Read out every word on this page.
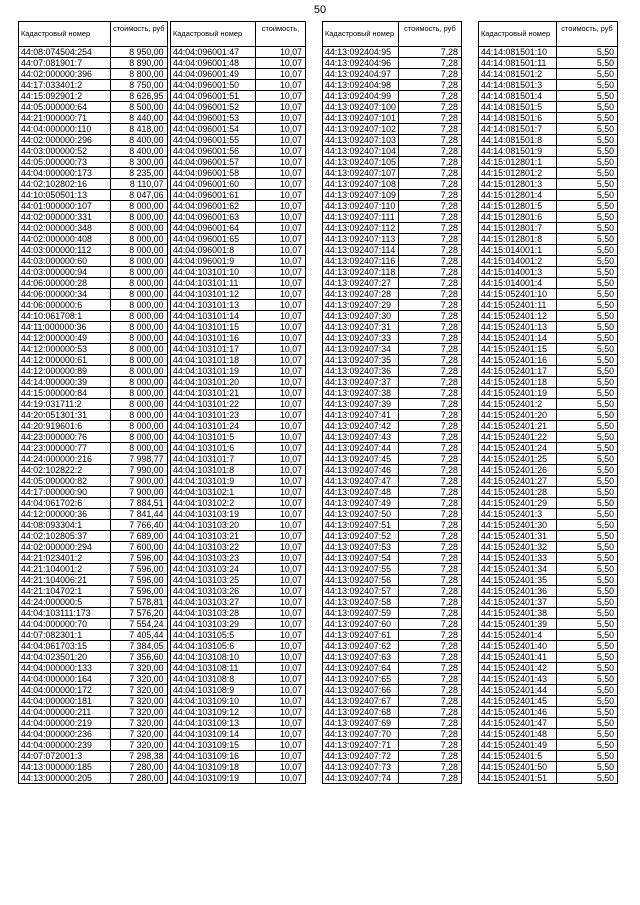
50
Кадастровый номер	стоимость, руб
44:08:074504:254	8 950,00
44:07:081901:7	8 890,00
44:02:000000:396	8 800,00
44:17:033401:2	8 750,00
44:15:092901:2	8 626,95
44:05:000000:64	8 500,00
44:21:000000:71	8 440,00
44:04:000000:110	8 418,00
44:02:000000:296	8 400,00
44:03:000000:52	8 400,00
44:05:000000:73	8 300,00
44:04:000000:173	8 235,00
44:02:102802:16	8 110,07
44:10:050501:13	8 047,06
44:01:000000:107	8 000,00
44:02:000000:331	8 000,00
44:02:000000:348	8 000,00
44:02:000000:408	8 000,00
44:03:000000:112	8 000,00
44:03:000000:60	8 000,00
44:03:000000:94	8 000,00
44:06:000000:28	8 000,00
44:06:000000:34	8 000,00
44:06:000000:6	8 000,00
44:10:061708:1	8 000,00
44:11:000000:36	8 000,00
44:12:000000:49	8 000,00
44:12:000000:53	8 000,00
44:12:000000:61	8 000,00
44:12:000000:89	8 000,00
44:14:000000:39	8 000,00
44:15:000000:84	8 000,00
44:19:031711:2	8 000,00
44:20:051301:31	8 000,00
44:20:919601:6	8 000,00
44:23:000000:76	8 000,00
44:23:000000:77	8 000,00
44:24:000000:216	7 998,77
44:02:102822:2	7 990,00
44:05:000000:82	7 900,00
44:17:000000:90	7 900,00
44:04:061702:6	7 884,51
44:12:000000:36	7 841,44
44:08:093304:1	7 766,40
44:02:102805:37	7 689,00
44:02:000000:294	7 600,00
44:21:023401:2	7 596,00
44:21:104001:2	7 596,00
44:21:104006:21	7 596,00
44:21:104702:1	7 596,00
44:24:000000:5	7 578,81
44:04:103111:173	7 576,20
44:04:000000:70	7 554,24
44:07:082301:1	7 405,44
44:04:061703:15	7 384,05
44:04:023501:20	7 356,60
44:04:000000:133	7 320,00
44:04:000000:164	7 320,00
44:04:000000:172	7 320,00
44:04:000000:181	7 320,00
44:04:000000:211	7 320,00
44:04:000000:219	7 320,00
44:04:000000:236	7 320,00
44:04:000000:239	7 320,00
44:07:072001:3	7 298,38
44:13:000000:185	7 280,00
44:13:000000:205	7 280,00
Кадастровый номер	стоимость,
44:04:096001:47	10,07
44:04:096001:48	10,07
44:04:096001:49	10,07
44:04:096001:50	10,07
44:04:096001:51	10,07
44:04:096001:52	10,07
44:04:096001:53	10,07
44:04:096001:54	10,07
44:04:096001:55	10,07
44:04:096001:56	10,07
44:04:096001:57	10,07
44:04:096001:58	10,07
44:04:096001:60	10,07
44:04:096001:61	10,07
44:04:096001:62	10,07
44:04:096001:63	10,07
44:04:096001:64	10,07
44:04:096001:65	10,07
44:04:096001:8	10,07
44:04:096001:9	10,07
44:04:103101:10	10,07
44:04:103101:11	10,07
44:04:103101:12	10,07
44:04:103101:13	10,07
44:04:103101:14	10,07
44:04:103101:15	10,07
44:04:103101:16	10,07
44:04:103101:17	10,07
44:04:103101:18	10,07
44:04:103101:19	10,07
44:04:103101:20	10,07
44:04:103101:21	10,07
44:04:103101:22	10,07
44:04:103101:23	10,07
44:04:103101:24	10,07
44:04:103101:5	10,07
44:04:103101:6	10,07
44:04:103101:7	10,07
44:04:103101:8	10,07
44:04:103101:9	10,07
44:04:103102:1	10,07
44:04:103102:2	10,07
44:04:103103:19	10,07
44:04:103103:20	10,07
44:04:103103:21	10,07
44:04:103103:22	10,07
44:04:103103:23	10,07
44:04:103103:24	10,07
44:04:103103:25	10,07
44:04:103103:26	10,07
44:04:103103:27	10,07
44:04:103103:28	10,07
44:04:103103:29	10,07
44:04:103105:5	10,07
44:04:103105:6	10,07
44:04:103108:10	10,07
44:04:103108:11	10,07
44:04:103108:8	10,07
44:04:103108:9	10,07
44:04:103109:10	10,07
44:04:103109:12	10,07
44:04:103109:13	10,07
44:04:103109:14	10,07
44:04:103109:15	10,07
44:04:103109:16	10,07
44:04:103109:18	10,07
44:04:103109:19	10,07
Кадастровый номер	стоимость, руб
44:13:092404:95	7,28
44:13:092404:96	7,28
44:13:092404:97	7,28
44:13:092404:98	7,28
44:13:092404:99	7,28
44:13:092407:100	7,28
44:13:092407:101	7,28
44:13:092407:102	7,28
44:13:092407:103	7,28
44:13:092407:104	7,28
44:13:092407:105	7,28
44:13:092407:107	7,28
44:13:092407:108	7,28
44:13:092407:109	7,28
44:13:092407:110	7,28
44:13:092407:111	7,28
44:13:092407:112	7,28
44:13:092407:113	7,28
44:13:092407:114	7,28
44:13:092407:116	7,28
44:13:092407:118	7,28
44:13:092407:27	7,28
44:13:092407:28	7,28
44:13:092407:29	7,28
44:13:092407:30	7,28
44:13:092407:31	7,28
44:13:092407:33	7,28
44:13:092407:34	7,28
44:13:092407:35	7,28
44:13:092407:36	7,28
44:13:092407:37	7,28
44:13:092407:38	7,28
44:13:092407:39	7,28
44:13:092407:41	7,28
44:13:092407:42	7,28
44:13:092407:43	7,28
44:13:092407:44	7,28
44:13:092407:45	7,28
44:13:092407:46	7,28
44:13:092407:47	7,28
44:13:092407:48	7,28
44:13:092407:49	7,28
44:13:092407:50	7,28
44:13:092407:51	7,28
44:13:092407:52	7,28
44:13:092407:53	7,28
44:13:092407:54	7,28
44:13:092407:55	7,28
44:13:092407:56	7,28
44:13:092407:57	7,28
44:13:092407:58	7,28
44:13:092407:59	7,28
44:13:092407:60	7,28
44:13:092407:61	7,28
44:13:092407:62	7,28
44:13:092407:63	7,28
44:13:092407:64	7,28
44:13:092407:65	7,28
44:13:092407:66	7,28
44:13:092407:67	7,28
44:13:092407:68	7,28
44:13:092407:69	7,28
44:13:092407:70	7,28
44:13:092407:71	7,28
44:13:092407:72	7,28
44:13:092407:73	7,28
44:13:092407:74	7,28
Кадастровый номер	стоимость, руб
44:14:081501:10	5,50
44:14:081501:11	5,50
44:14:081501:2	5,50
44:14:081501:3	5,50
44:14:081501:4	5,50
44:14:081501:5	5,50
44:14:081501:6	5,50
44:14:081501:7	5,50
44:14:081501:8	5,50
44:14:081501:9	5,50
44:15:012801:1	5,50
44:15:012801:2	5,50
44:15:012801:3	5,50
44:15:012801:4	5,50
44:15:012801:5	5,50
44:15:012801:6	5,50
44:15:012801:7	5,50
44:15:012801:8	5,50
44:15:014001:1	5,50
44:15:014001:2	5,50
44:15:014001:3	5,50
44:15:014001:4	5,50
44:15:052401:10	5,50
44:15:052401:11	5,50
44:15:052401:12	5,50
44:15:052401:13	5,50
44:15:052401:14	5,50
44:15:052401:15	5,50
44:15:052401:16	5,50
44:15:052401:17	5,50
44:15:052401:18	5,50
44:15:052401:19	5,50
44:15:052401:2	5,50
44:15:052401:20	5,50
44:15:052401:21	5,50
44:15:052401:22	5,50
44:15:052401:24	5,50
44:15:052401:25	5,50
44:15:052401:26	5,50
44:15:052401:27	5,50
44:15:052401:28	5,50
44:15:052401:29	5,50
44:15:052401:3	5,50
44:15:052401:30	5,50
44:15:052401:31	5,50
44:15:052401:32	5,50
44:15:052401:33	5,50
44:15:052401:34	5,50
44:15:052401:35	5,50
44:15:052401:36	5,50
44:15:052401:37	5,50
44:15:052401:38	5,50
44:15:052401:39	5,50
44:15:052401:4	5,50
44:15:052401:40	5,50
44:15:052401:41	5,50
44:15:052401:42	5,50
44:15:052401:43	5,50
44:15:052401:44	5,50
44:15:052401:45	5,50
44:15:052401:46	5,50
44:15:052401:47	5,50
44:15:052401:48	5,50
44:15:052401:49	5,50
44:15:052401:5	5,50
44:15:052401:50	5,50
44:15:052401:51	5,50
